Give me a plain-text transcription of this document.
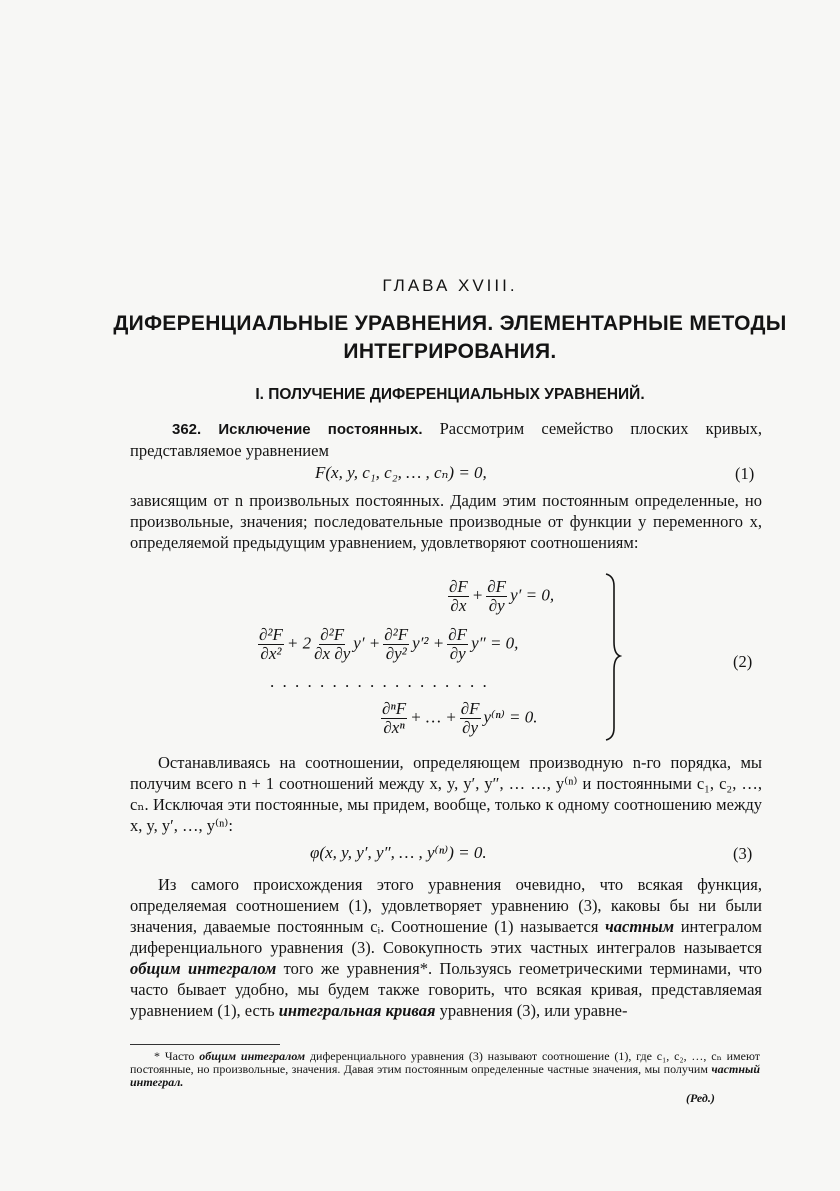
ГЛАВА XVIII.
ДИФЕРЕНЦИАЛЬНЫЕ УРАВНЕНИЯ. ЭЛЕМЕНТАРНЫЕ МЕТОДЫ
ИНТЕГРИРОВАНИЯ.
I. ПОЛУЧЕНИЕ ДИФЕРЕНЦИАЛЬНЫХ УРАВНЕНИЙ.
362. Исключение постоянных. Рассмотрим семейство плоских кривых, представляемое уравнением
F(x, y, c₁, c₂, … , cₙ) = 0,	(1)
зависящим от n произвольных постоянных. Дадим этим постоянным определенные, но произвольные, значения; последовательные производные от функции y переменного x, определяемой предыдущим уравнением, удовлетворяют соотношениям:
$\frac{\partial F}{\partial x} + \frac{\partial F}{\partial y} y' = 0$,
$\frac{\text{∂²F}}{\text{∂x²}} + 2 \frac{\text{∂²F}}{\partial x \partial y} y' + \frac{\text{∂²F}}{\text{∂y²}} y'^2 + \frac{\partial F}{\partial y} y'' = 0$,
. . . . . . . . . . . . . . . . . .
$\frac{\text{∂ⁿF}}{\text{∂xⁿ}}$ + … + $\frac{\partial F}{\partial y} y^{(n)} = 0$.
(2)
Останавливаясь на соотношении, определяющем производную n-го порядка, мы получим всего n + 1 соотношений между x, y, y′, y″, … …, y⁽ⁿ⁾ и постоянными c₁, c₂, …, cₙ. Исключая эти постоянные, мы придем, вообще, только к одному соотношению между x, y, y′, …, y⁽ⁿ⁾:
φ(x, y, y′, y″, … , y⁽ⁿ⁾) = 0.	(3)
Из самого происхождения этого уравнения очевидно, что всякая функция, определяемая соотношением (1), удовлетворяет уравнению (3), каковы бы ни были значения, даваемые постоянным cᵢ. Соотношение (1) называется частным интегралом диференциального уравнения (3). Совокупность этих частных интегралов называется общим интегралом того же уравнения*. Пользуясь геометрическими терминами, что часто бывает удобно, мы будем также говорить, что всякая кривая, представляемая уравнением (1), есть интегральная кривая уравнения (3), или уравне-
* Часто общим интегралом диференциального уравнения (3) называют соотношение (1), где c₁, c₂, …, cₙ имеют постоянные, но произвольные, значения. Давая этим постоянным определенные частные значения, мы получим частный интеграл.
(Ред.)
